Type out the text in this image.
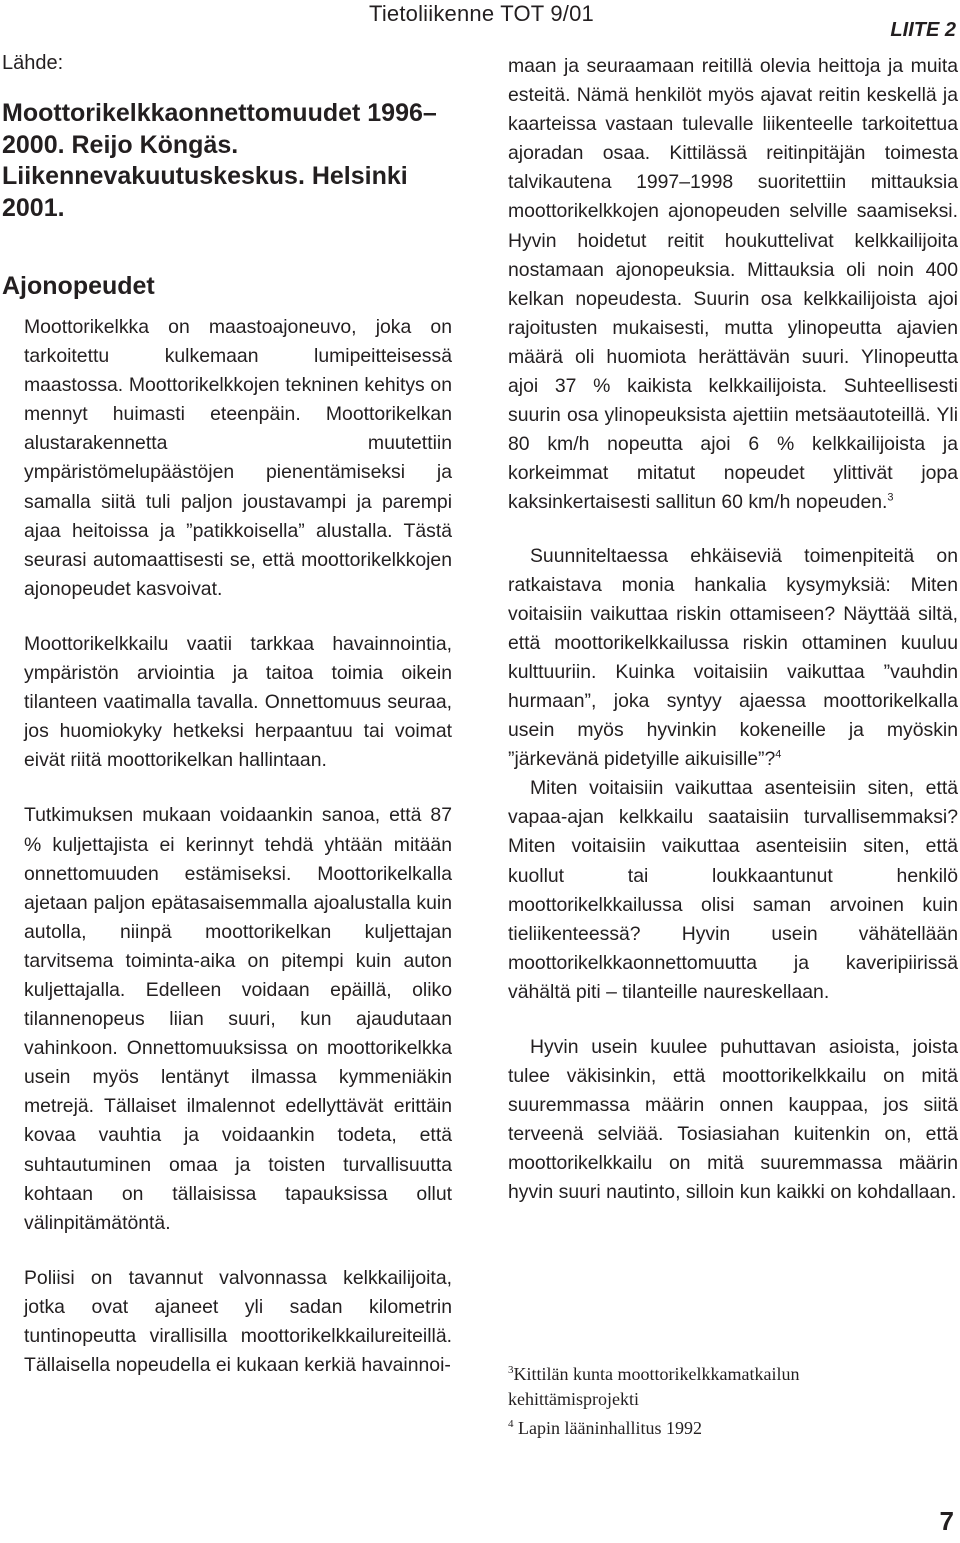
Tietoliikenne TOT 9/01
LIITE 2

Lähde:

Moottorikelkkaonnettomuudet 1996–2000. Reijo Köngäs. Liikennevakuutuskeskus. Helsinki 2001.

Ajonopeudet

Moottorikelkka on maastoajoneuvo, joka on tarkoitettu kulkemaan lumipeitteisessä maastossa. Moottorikelkkojen tekninen kehitys on mennyt huimasti eteenpäin. Moottorikelkan alustarakennetta muutettiin ympäristömelupäästöjen pienentämiseksi ja samalla siitä tuli paljon joustavampi ja parempi ajaa heitoissa ja ”patikkoisella” alustalla. Tästä seurasi automaattisesti se, että moottorikelkkojen ajonopeudet kasvoivat.

Moottorikelkkailu vaatii tarkkaa havainnointia, ympäristön arviointia ja taitoa toimia oikein tilanteen vaatimalla tavalla. Onnettomuus seuraa, jos huomiokyky hetkeksi herpaantuu tai voimat eivät riitä moottorikelkan hallintaan.

Tutkimuksen mukaan voidaankin sanoa, että 87 % kuljettajista ei kerinnyt tehdä yhtään mitään onnettomuuden estämiseksi. Moottorikelkalla ajetaan paljon epätasaisemmalla ajoalustalla kuin autolla, niinpä moottorikelkan kuljettajan tarvitsema toiminta-aika on pitempi kuin auton kuljettajalla. Edelleen voidaan epäillä, oliko tilannenopeus liian suuri, kun ajaudutaan vahinkoon. Onnettomuuksissa on moottorikelkka usein myös lentänyt ilmassa kymmeniäkin metrejä. Tällaiset ilmalennot edellyttävät erittäin kovaa vauhtia ja voidaankin todeta, että suhtautuminen omaa ja toisten turvallisuutta kohtaan on tällaisissa tapauksissa ollut välinpitämätöntä.

Poliisi on tavannut valvonnassa kelkkailijoita, jotka ovat ajaneet yli sadan kilometrin tuntinopeutta virallisilla moottorikelkkailureiteillä. Tällaisella nopeudella ei kukaan kerkiä havainnoi-

maan ja seuraamaan reitillä olevia heittoja ja muita esteitä. Nämä henkilöt myös ajavat reitin keskellä ja kaarteissa vastaan tulevalle liikenteelle tarkoitettua ajoradan osaa. Kittilässä reitinpitäjän toimesta talvikautena 1997–1998 suoritettiin mittauksia moottorikelkkojen ajonopeuden selville saamiseksi. Hyvin hoidetut reitit houkuttelivat kelkkailijoita nostamaan ajonopeuksia. Mittauksia oli noin 400 kelkan nopeudesta. Suurin osa kelkkailijoista ajoi rajoitusten mukaisesti, mutta ylinopeutta ajavien määrä oli huomiota herättävän suuri. Ylinopeutta ajoi 37 % kaikista kelkkailijoista. Suhteellisesti suurin osa ylinopeuksista ajettiin metsäautoteillä. Yli 80 km/h nopeutta ajoi 6 % kelkkailijoista ja korkeimmat mitatut nopeudet ylittivät jopa kaksinkertaisesti sallitun 60 km/h nopeuden.$^3$

Suunniteltaessa ehkäiseviä toimenpiteitä on ratkaistava monia hankalia kysymyksiä: Miten voitaisiin vaikuttaa riskin ottamiseen? Näyttää siltä, että moottorikelkkailussa riskin ottaminen kuuluu kulttuuriin. Kuinka voitaisiin vaikuttaa ”vauhdin hurmaan”, joka syntyy ajaessa moottorikelkalla usein myös hyvinkin kokeneille ja myöskin ”järkevänä pidetyille aikuisille”?$^4$

Miten voitaisiin vaikuttaa asenteisiin siten, että vapaa-ajan kelkkailu saataisiin turvallisemmaksi? Miten voitaisiin vaikuttaa asenteisiin siten, että kuollut tai loukkaantunut henkilö moottorikelkkailussa olisi saman arvoinen kuin tieliikenteessä? Hyvin usein vähätellään moottorikelkkaonnettomuutta ja kaveripiirissä vähältä piti – tilanteille naureskellaan.

Hyvin usein kuulee puhuttavan asioista, joista tulee väkisinkin, että moottorikelkkailu on mitä suuremmassa määrin onnen kauppaa, jos siitä terveenä selviää. Tosiasiahan kuitenkin on, että moottorikelkkailu on mitä suuremmassa määrin hyvin suuri nautinto, silloin kun kaikki on kohdallaan.

$^3$Kittilän kunta moottorikelkkamatkailun kehittämisprojekti
$^4$ Lapin lääninhallitus 1992
7
